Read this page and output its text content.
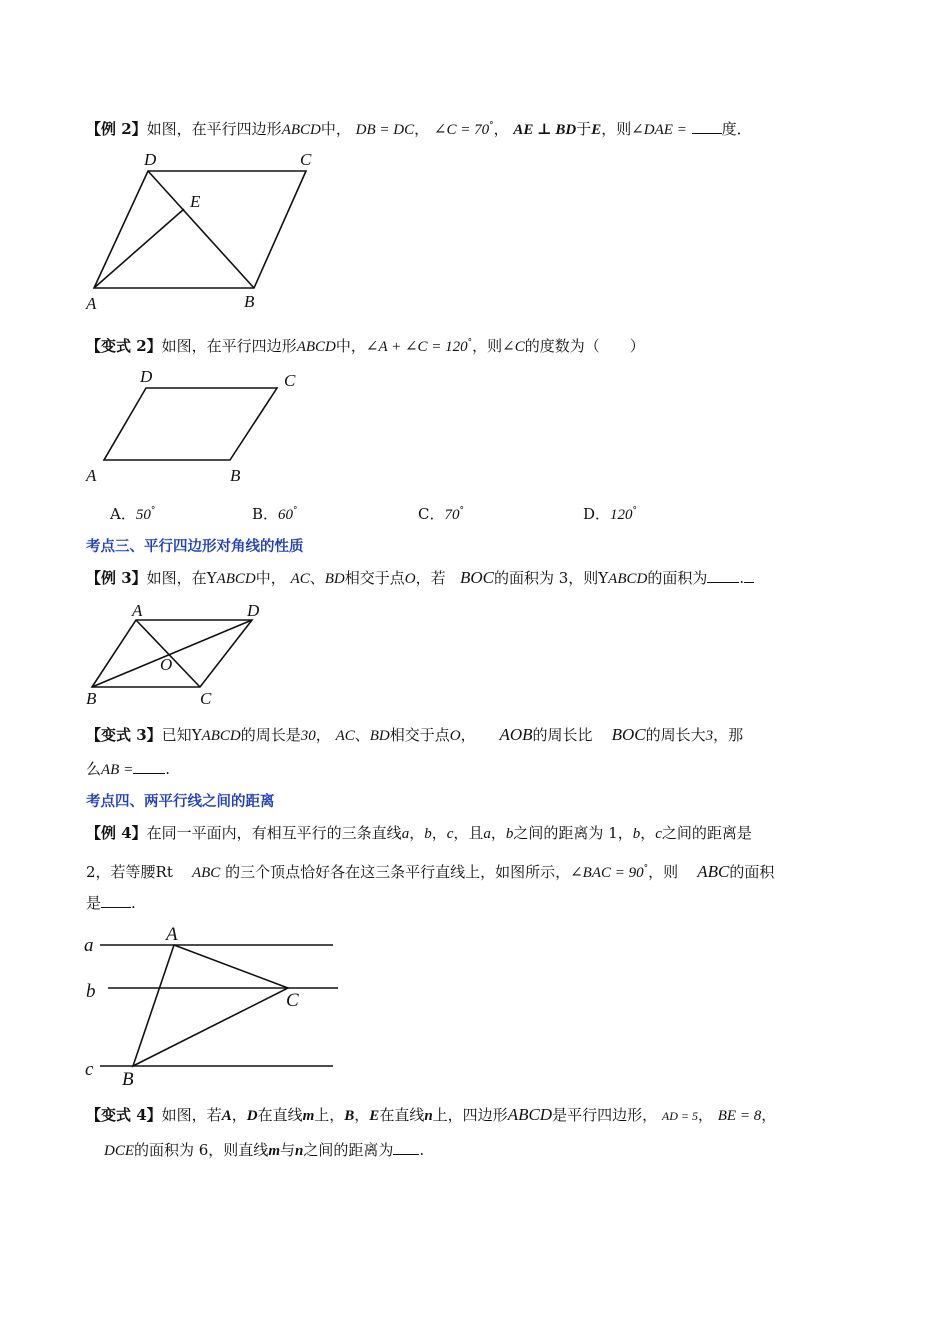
【例 2】如图，在平行四边形ABCD中， DB = DC， ∠C = 70°， AE ⊥ BD于E，则∠DAE = 度．
D	C
E
A	B
【变式 2】如图，在平行四边形ABCD中，∠A + ∠C = 120°，则∠C的度数为（　　）
D	C
A	B
A．50°	B．60°	C．70°	D．120°
考点三、平行四边形对角线的性质
【例 3】如图，在YABCD中， AC、BD相交于点O，若 BOC的面积为 3，则YABCD的面积为 .
A	D
O
B	C
【变式 3】已知YABCD的周长是30， AC、BD相交于点O， AOB的周长比 BOC的周长大3，那
么AB = .
考点四、两平行线之间的距离
【例 4】在同一平面内，有相互平行的三条直线a，b，c，且a，b之间的距离为 1，b，c之间的距离是
2，若等腰Rt ABC 的三个顶点恰好各在这三条平行直线上，如图所示，∠BAC = 90°，则 ABC的面积
是 .
a
b
c
A
C
B
【变式 4】如图，若A，D在直线m上，B，E在直线n上，四边形ABCD是平行四边形， AD = 5， BE = 8，
DCE的面积为 6，则直线m与n之间的距离为 .
